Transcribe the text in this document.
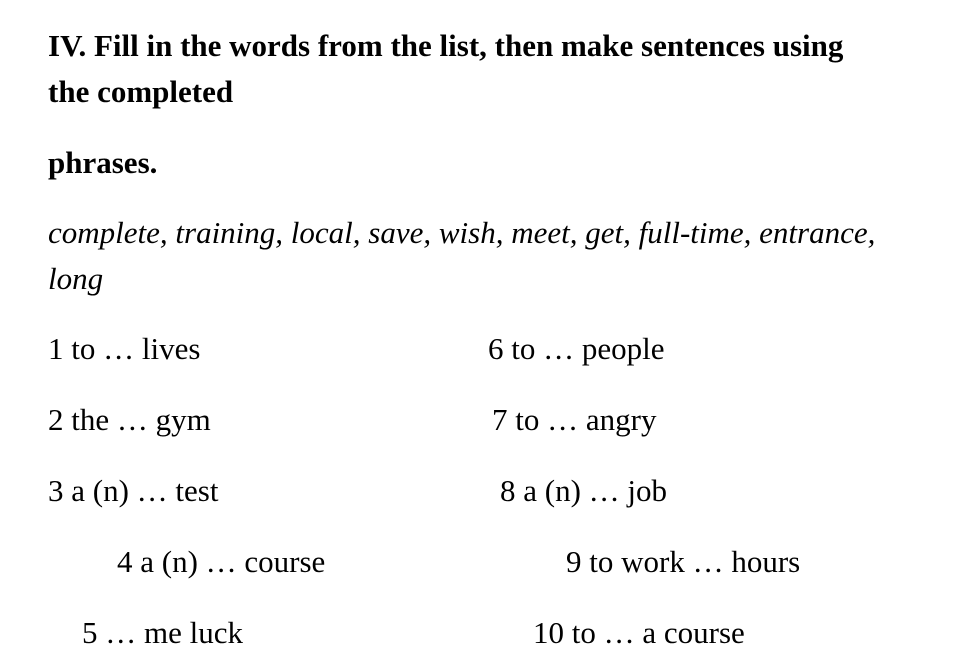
IV. Fill in the words from the list, then make sentences using
the completed
phrases.
complete, training, local, save, wish, meet, get, full-time, entrance,
long
1 to … lives
2 the … gym
3 a (n) … test
4 a (n) … course
5 … me luck
6 to … people
7 to … angry
8 a (n) … job
9 to work … hours
10 to … a course
